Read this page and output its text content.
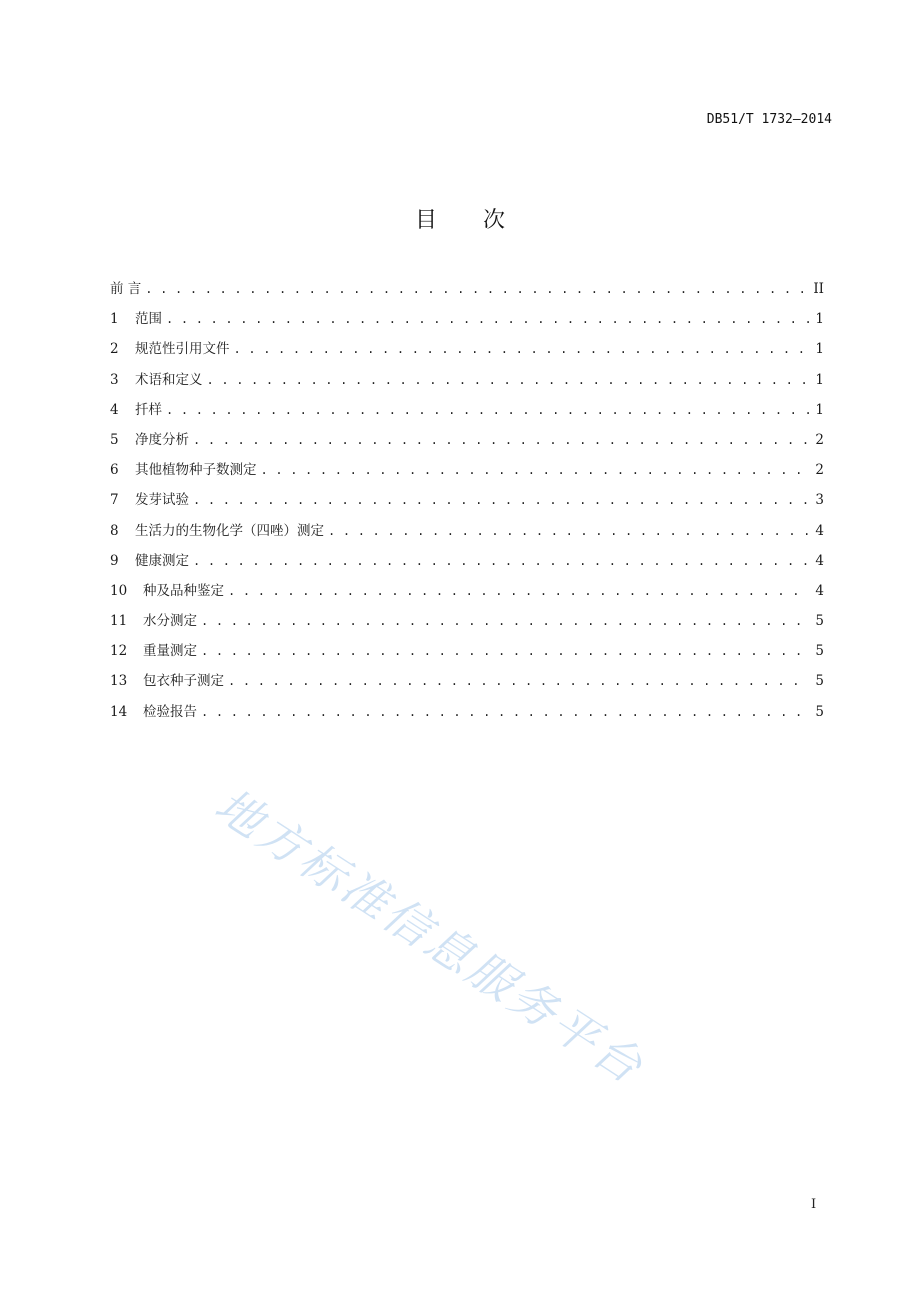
DB51/T 1732—2014
目次
前 言 . . .	II
1	范围 . . .	1
2	规范性引用文件 . . .	1
3	术语和定义 . . .	1
4	扦样 . . .	1
5	净度分析 . . .	2
6	其他植物种子数测定 . . .	2
7	发芽试验 . . .	3
8	生活力的生物化学（四唑）测定 . . .	4
9	健康测定 . . .	4
10	种及品种鉴定 . . .	4
11	水分测定 . . .	5
12	重量测定 . . .	5
13	包衣种子测定 . . .	5
14	检验报告 . . .	5
地方标准信息服务平台
I
